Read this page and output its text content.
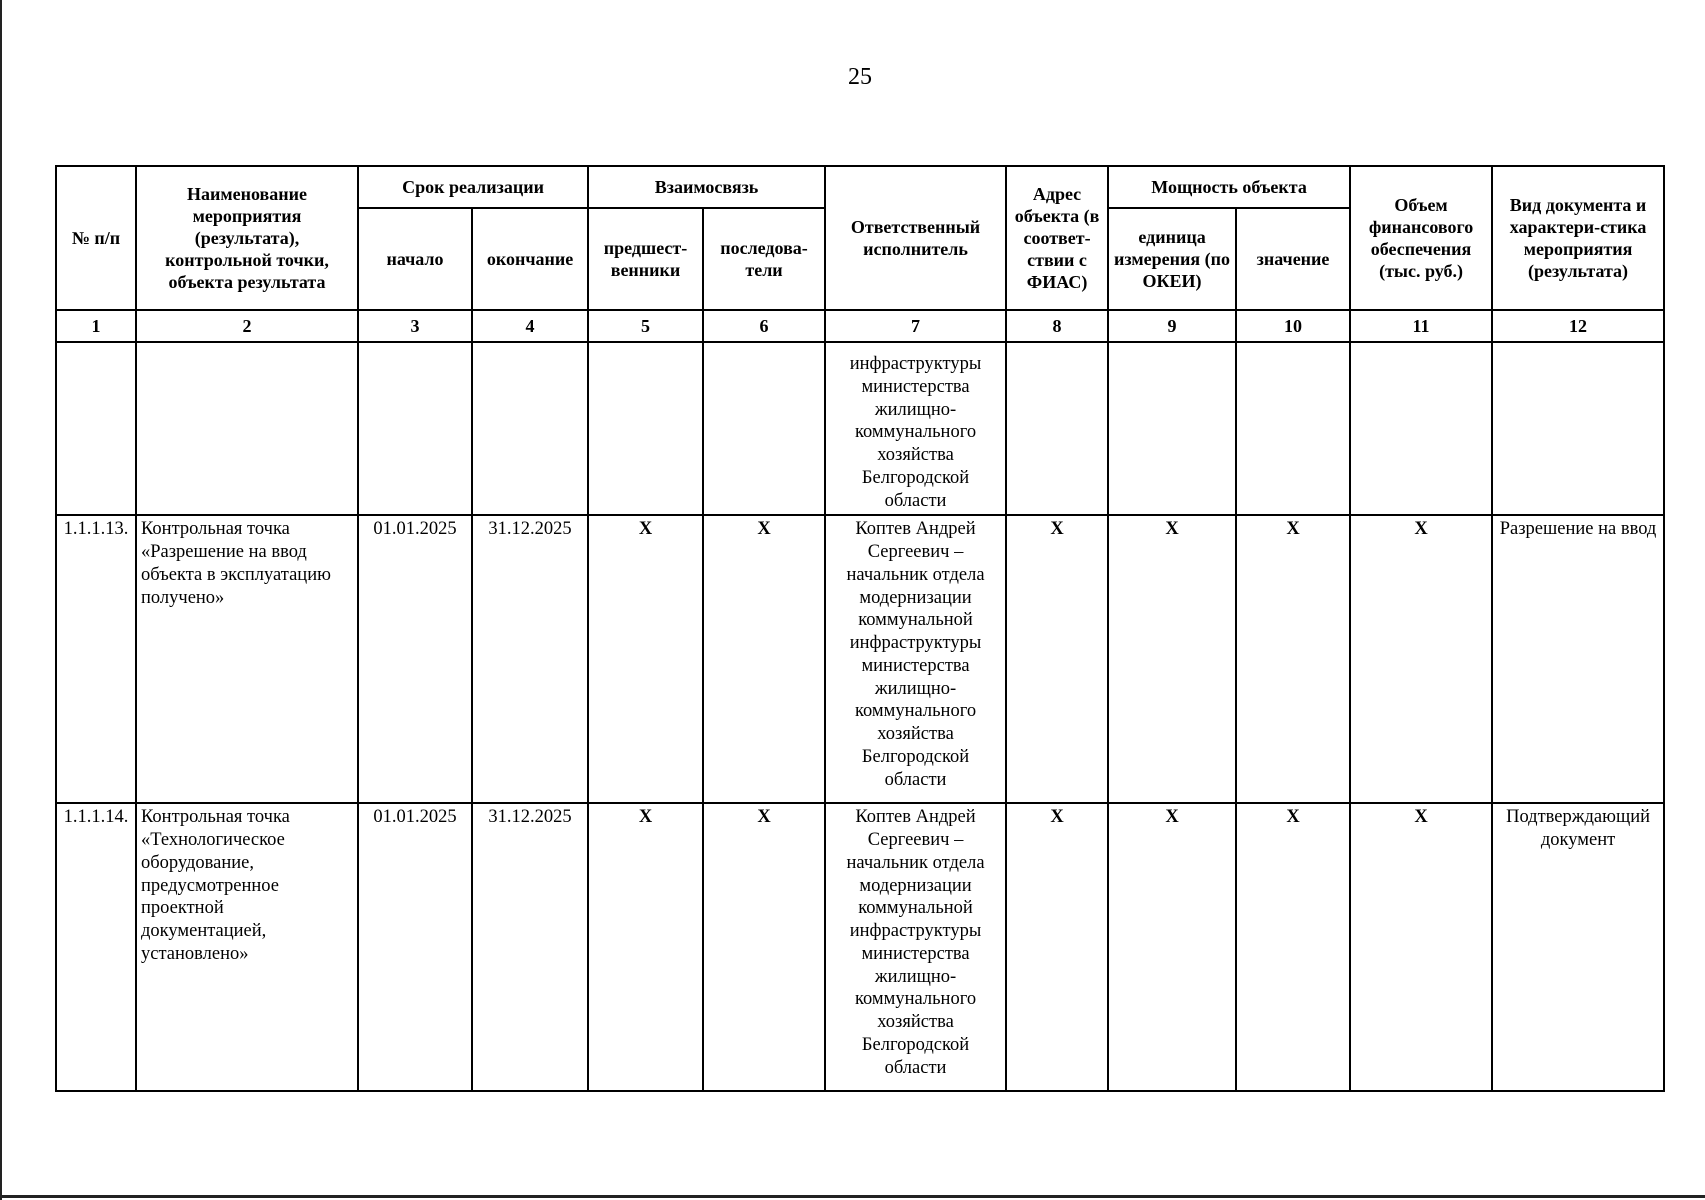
25
№ п/п	Наименование мероприятия (результата), контрольной точки, объекта результата	Срок реализации		Взаимосвязь		Ответственный исполнитель	Адрес объекта (в соответ-ствии с ФИАС)	Мощность объекта		Объем финансового обеспечения (тыс. руб.)	Вид документа и характери-стика мероприятия (результата)
		начало	окончание	предшест-венники	последова-тели			единица измерения (по ОКЕИ)	значение		
1	2	3	4	5	6	7	8	9	10	11	12
						инфраструктуры министерства жилищно-коммунального хозяйства Белгородской области					
1.1.1.13.	Контрольная точка «Разрешение на ввод объекта в эксплуатацию получено»	01.01.2025	31.12.2025	X	X	Коптев Андрей Сергеевич – начальник отдела модернизации коммунальной инфраструктуры министерства жилищно-коммунального хозяйства Белгородской области	X	X	X	X	Разрешение на ввод
1.1.1.14.	Контрольная точка «Технологическое оборудование, предусмотренное проектной документацией, установлено»	01.01.2025	31.12.2025	X	X	Коптев Андрей Сергеевич – начальник отдела модернизации коммунальной инфраструктуры министерства жилищно-коммунального хозяйства Белгородской области	X	X	X	X	Подтверждающий документ
